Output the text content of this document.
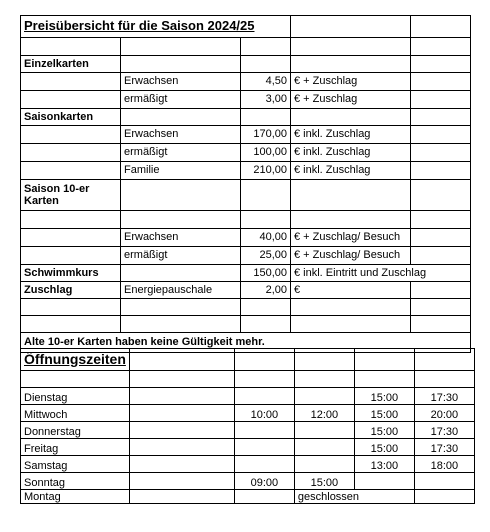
Preisübersicht für die Saison 2024/25				

Einzelkarten				
	Erwachsen	4,50	€ + Zuschlag	
	ermäßigt	3,00	€ + Zuschlag	
Saisonkarten				
	Erwachsen	170,00	€ inkl. Zuschlag	
	ermäßigt	100,00	€ inkl. Zuschlag	
	Familie	210,00	€ inkl. Zuschlag	
Saison 10-er Karten				

	Erwachsen	40,00	€ + Zuschlag/ Besuch	
	ermäßigt	25,00	€ + Zuschlag/ Besuch	
Schwimmkurs		150,00	€ inkl. Eintritt und Zuschlag	
Zuschlag	Energiepauschale	2,00	€	

Alte 10-er Karten haben keine Gültigkeit mehr.				
Öffnungszeiten					

Dienstag				15:00	17:30
Mittwoch		10:00	12:00	15:00	20:00
Donnerstag				15:00	17:30
Freitag				15:00	17:30
Samstag				13:00	18:00
Sonntag		09:00	15:00		
Montag			geschlossen		
